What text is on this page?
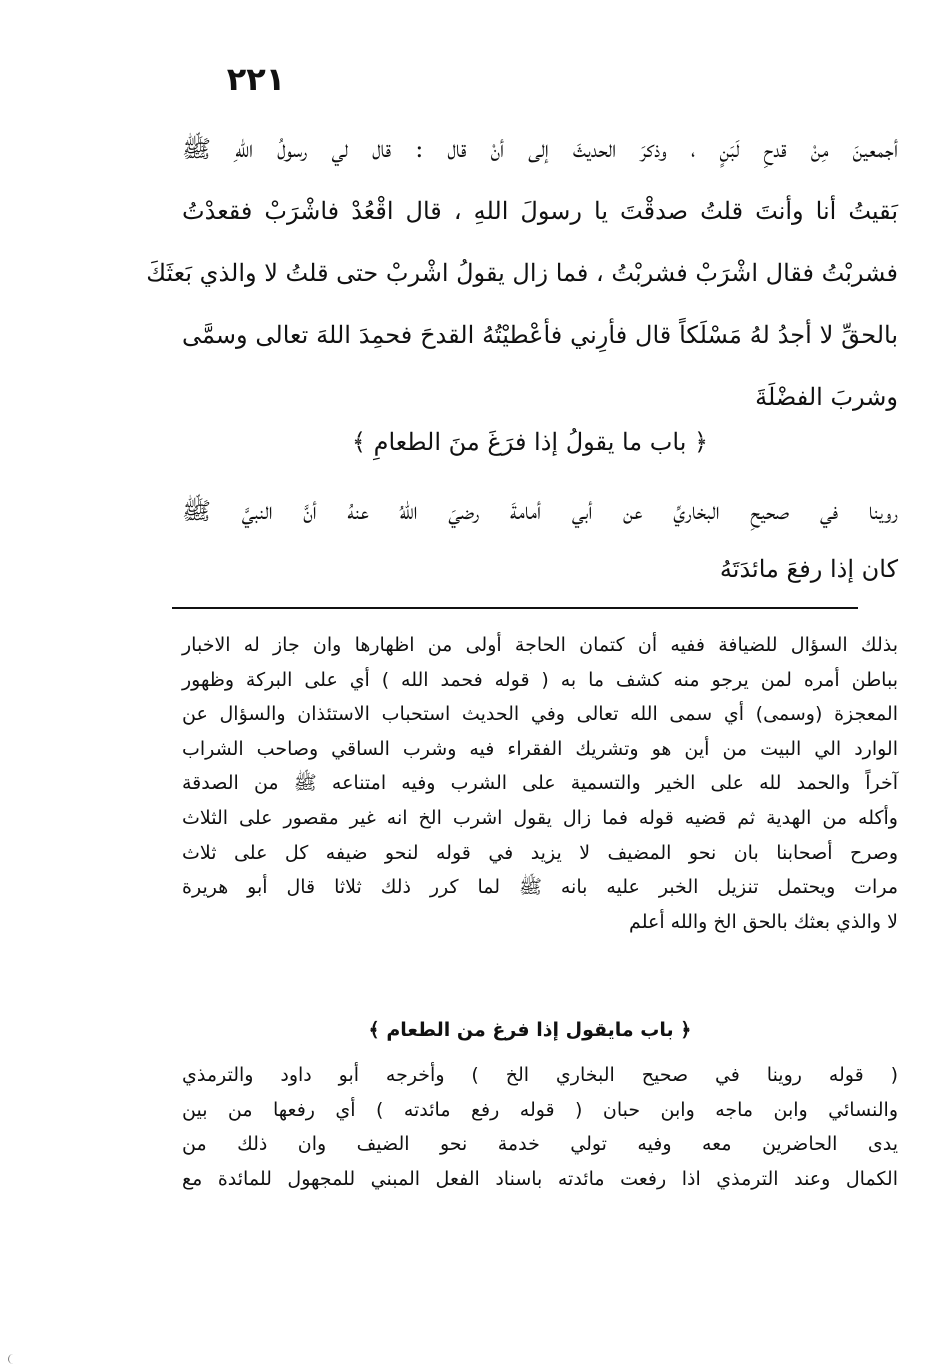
٢٢١
أجمعينَ مِنْ قدحِ لَبَنٍ ، وذكرَ الحديثَ إلى أنْ قال : قال لي رسولُ اللهِ ﷺ
بَقيتُ أنا وأنتَ قلتُ صدقْتَ يا رسولَ اللهِ ، قال اقْعُدْ فاشْرَبْ فقعدْتُ
فشربْتُ فقال اشْرَبْ فشربْتُ ، فما زال يقولُ اشْربْ حتى قلتُ لا والذي بَعثَكَ
بالحقِّ لا أجدُ لهُ مَسْلَكاً قال فأرِني فأعْطيْتُهُ القدحَ فحمِدَ اللهَ تعالى وسمَّى
وشربَ الفضْلَةَ
﴿ باب ما يقولُ إذا فرَغَ منَ الطعامِ ﴾
روينا في صحيحِ البخاريِّ عن أبي أمامةَ رضيَ اللهُ عنهُ أنَّ النبيَّ ﷺ
كان إذا رفعَ مائدَتَهُ
بذلك السؤال للضيافة ففيه أن كتمان الحاجة أولى من اظهارها وان جاز له الاخبار
بباطن أمره لمن يرجو منه كشف ما به ( قوله فحمد الله ) أي على البركة وظهور
المعجزة (وسمى) أي سمى الله تعالى وفي الحديث استحباب الاستئذان والسؤال عن
الوارد الي البيت من أين هو وتشريك الفقراء فيه وشرب الساقي وصاحب الشراب
آخراً والحمد لله على الخير والتسمية على الشرب وفيه امتناعه ﷺ من الصدقة
وأكله من الهدية ثم قضيه قوله فما زال يقول اشرب الخ انه غير مقصور على الثلاث
وصرح أصحابنا بان نحو المضيف لا يزيد في قوله لنحو ضيفه كل على ثلاث
مرات ويحتمل تنزيل الخبر عليه بانه ﷺ لما كرر ذلك ثلاثا قال أبو هريرة
لا والذي بعثك بالحق الخ والله أعلم
﴿ باب مايقول إذا فرغ من الطعام ﴾
( قوله روينا في صحيح البخاري الخ ) وأخرجه أبو داود والترمذي
والنسائي وابن ماجه وابن حبان ( قوله رفع مائدته ) أي رفعها من بين
يدى الحاضرين معه وفيه تولي خدمة نحو الضيف وان ذلك من
الكمال وعند الترمذي اذا رفعت مائدته باسناد الفعل المبني للمجهول للمائدة مع
